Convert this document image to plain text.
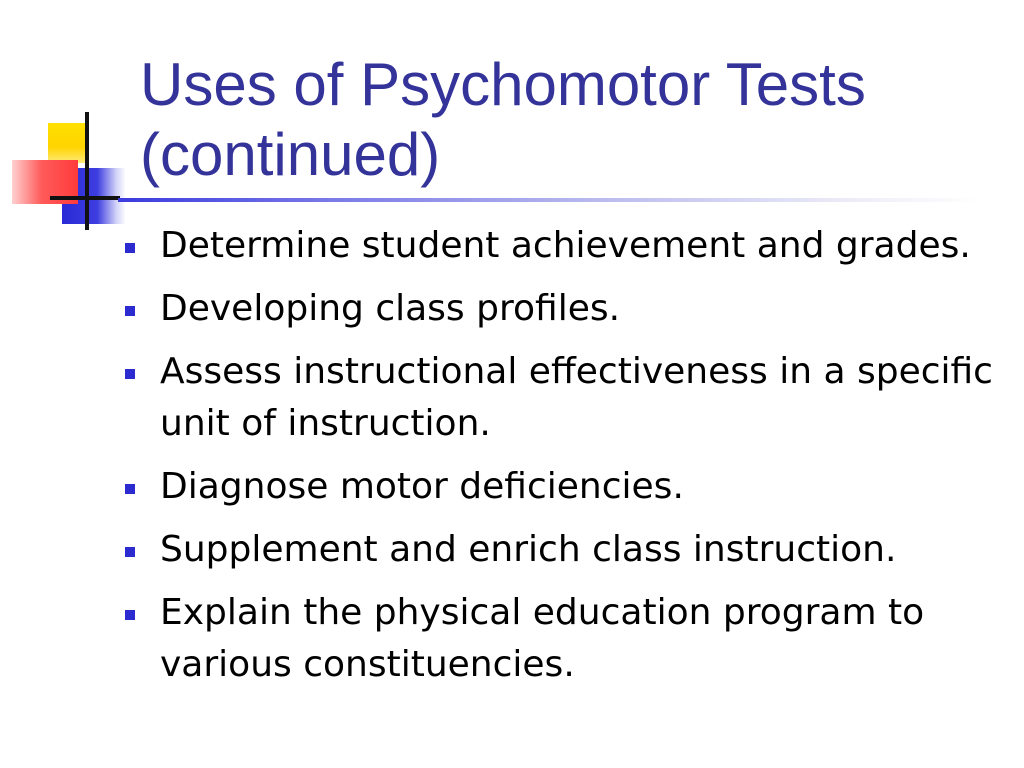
Uses of Psychomotor Tests (continued)
Determine student achievement and grades.
Developing class profiles.
Assess instructional effectiveness in a specific unit of instruction.
Diagnose motor deficiencies.
Supplement and enrich class instruction.
Explain the physical education program to various constituencies.
